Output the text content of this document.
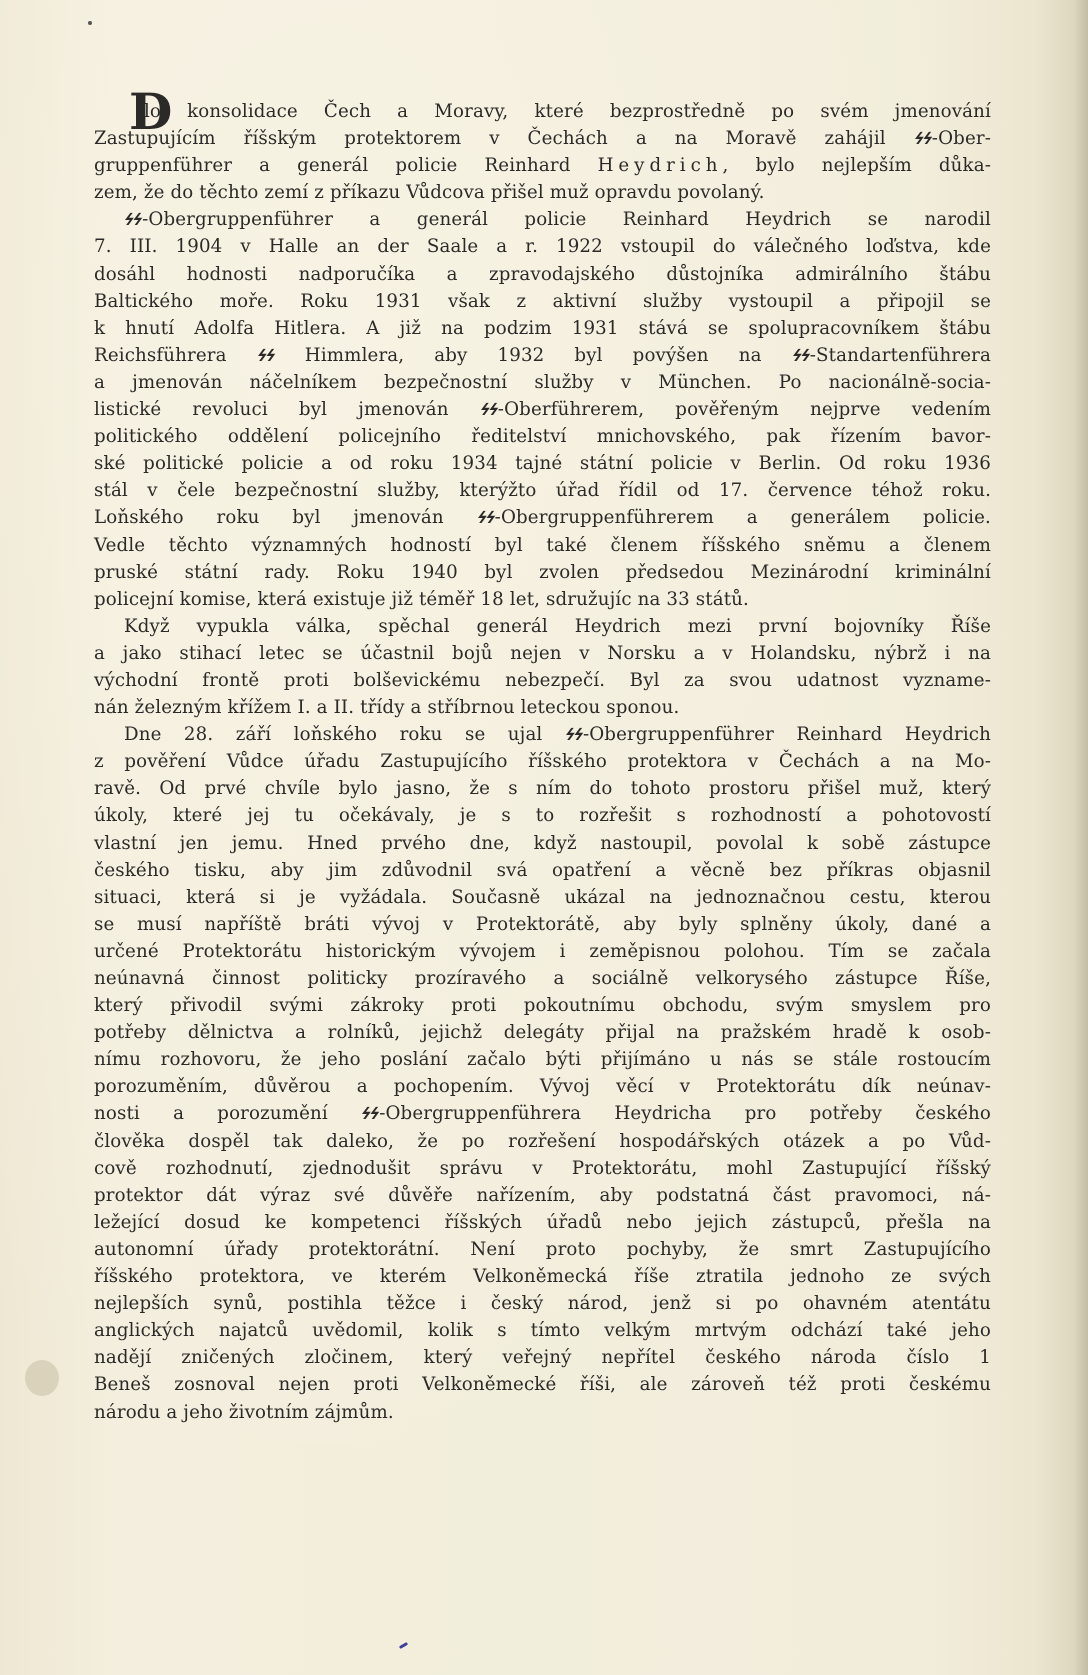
D
ílo konsolidace Čech a Moravy, které bezprostředně po svém jmenování
Zastupujícím říšským protektorem v Čechách a na Moravě zahájil ϟϟ-Ober-
gruppenführer a generál policie Reinhard Heydrich, bylo nejlepším důka-
zem, že do těchto zemí z příkazu Vůdcova přišel muž opravdu povolaný.
ϟϟ-Obergruppenführer a generál policie Reinhard Heydrich se narodil
7. III. 1904 v Halle an der Saale a r. 1922 vstoupil do válečného loďstva, kde
dosáhl hodnosti nadporučíka a zpravodajského důstojníka admirálního štábu
Baltického moře. Roku 1931 však z aktivní služby vystoupil a připojil se
k hnutí Adolfa Hitlera. A již na podzim 1931 stává se spolupracovníkem štábu
Reichsführera ϟϟ Himmlera, aby 1932 byl povýšen na ϟϟ-Standartenführera
a jmenován náčelníkem bezpečnostní služby v München. Po nacionálně-socia-
listické revoluci byl jmenován ϟϟ-Oberführerem, pověřeným nejprve vedením
politického oddělení policejního ředitelství mnichovského, pak řízením bavor-
ské politické policie a od roku 1934 tajné státní policie v Berlin. Od roku 1936
stál v čele bezpečnostní služby, kterýžto úřad řídil od 17. července téhož roku.
Loňského roku byl jmenován ϟϟ-Obergruppenführerem a generálem policie.
Vedle těchto významných hodností byl také členem říšského sněmu a členem
pruské státní rady. Roku 1940 byl zvolen předsedou Mezinárodní kriminální
policejní komise, která existuje již téměř 18 let, sdružujíc na 33 států.
Když vypukla válka, spěchal generál Heydrich mezi první bojovníky Říše
a jako stihací letec se účastnil bojů nejen v Norsku a v Holandsku, nýbrž i na
východní frontě proti bolševickému nebezpečí. Byl za svou udatnost vyzname-
nán železným křížem I. a II. třídy a stříbrnou leteckou sponou.
Dne 28. září loňského roku se ujal ϟϟ-Obergruppenführer Reinhard Heydrich
z pověření Vůdce úřadu Zastupujícího říšského protektora v Čechách a na Mo-
ravě. Od prvé chvíle bylo jasno, že s ním do tohoto prostoru přišel muž, který
úkoly, které jej tu očekávaly, je s to rozřešit s rozhodností a pohotovostí
vlastní jen jemu. Hned prvého dne, když nastoupil, povolal k sobě zástupce
českého tisku, aby jim zdůvodnil svá opatření a věcně bez příkras objasnil
situaci, která si je vyžádala. Současně ukázal na jednoznačnou cestu, kterou
se musí napříště bráti vývoj v Protektorátě, aby byly splněny úkoly, dané a
určené Protektorátu historickým vývojem i zeměpisnou polohou. Tím se začala
neúnavná činnost politicky prozíravého a sociálně velkorysého zástupce Říše,
který přivodil svými zákroky proti pokoutnímu obchodu, svým smyslem pro
potřeby dělnictva a rolníků, jejichž delegáty přijal na pražském hradě k osob-
nímu rozhovoru, že jeho poslání začalo býti přijímáno u nás se stále rostoucím
porozuměním, důvěrou a pochopením. Vývoj věcí v Protektorátu dík neúnav-
nosti a porozumění ϟϟ-Obergruppenführera Heydricha pro potřeby českého
člověka dospěl tak daleko, že po rozřešení hospodářských otázek a po Vůd-
cově rozhodnutí, zjednodušit správu v Protektorátu, mohl Zastupující říšský
protektor dát výraz své důvěře nařízením, aby podstatná část pravomoci, ná-
ležející dosud ke kompetenci říšských úřadů nebo jejich zástupců, přešla na
autonomní úřady protektorátní. Není proto pochyby, že smrt Zastupujícího
říšského protektora, ve kterém Velkoněmecká říše ztratila jednoho ze svých
nejlepších synů, postihla těžce i český národ, jenž si po ohavném atentátu
anglických najatců uvědomil, kolik s tímto velkým mrtvým odchází také jeho
nadějí zničených zločinem, který veřejný nepřítel českého národa číslo 1
Beneš zosnoval nejen proti Velkoněmecké říši, ale zároveň též proti českému
národu a jeho životním zájmům.
